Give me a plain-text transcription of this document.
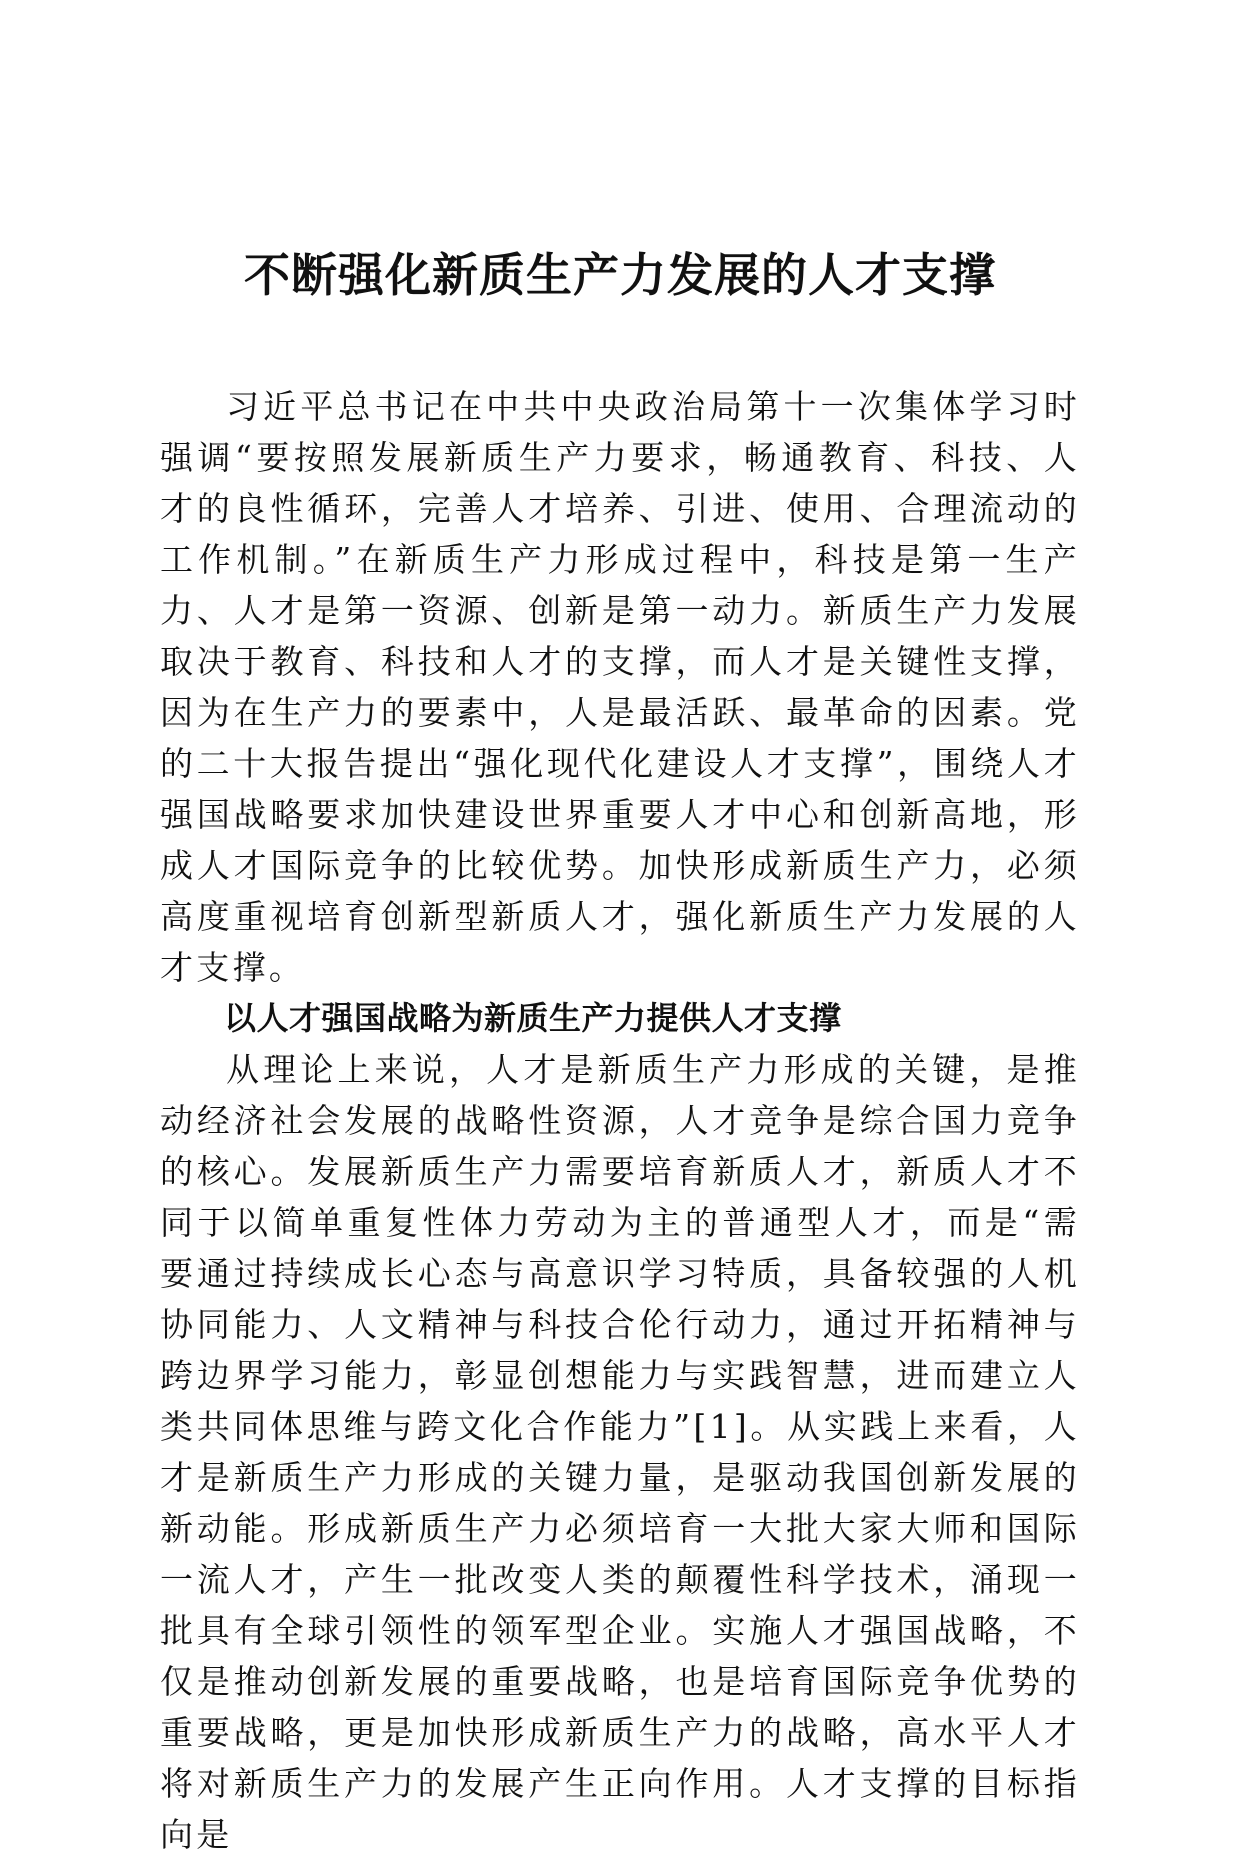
不断强化新质生产力发展的人才支撑

习近平总书记在中共中央政治局第十一次集体学习时强调“要按照发展新质生产力要求，畅通教育、科技、人才的良性循环，完善人才培养、引进、使用、合理流动的工作机制。”在新质生产力形成过程中，科技是第一生产力、人才是第一资源、创新是第一动力。新质生产力发展取决于教育、科技和人才的支撑，而人才是关键性支撑，因为在生产力的要素中，人是最活跃、最革命的因素。党的二十大报告提出“强化现代化建设人才支撑”，围绕人才强国战略要求加快建设世界重要人才中心和创新高地，形成人才国际竞争的比较优势。加快形成新质生产力，必须高度重视培育创新型新质人才，强化新质生产力发展的人才支撑。

以人才强国战略为新质生产力提供人才支撑

从理论上来说，人才是新质生产力形成的关键，是推动经济社会发展的战略性资源，人才竞争是综合国力竞争的核心。发展新质生产力需要培育新质人才，新质人才不同于以简单重复性体力劳动为主的普通型人才，而是“需要通过持续成长心态与高意识学习特质，具备较强的人机协同能力、人文精神与科技合伦行动力，通过开拓精神与跨边界学习能力，彰显创想能力与实践智慧，进而建立人类共同体思维与跨文化合作能力”[1]。从实践上来看，人才是新质生产力形成的关键力量，是驱动我国创新发展的新动能。形成新质生产力必须培育一大批大家大师和国际一流人才，产生一批改变人类的颠覆性科学技术，涌现一批具有全球引领性的领军型企业。实施人才强国战略，不仅是推动创新发展的重要战略，也是培育国际竞争优势的重要战略，更是加快形成新质生产力的战略，高水平人才将对新质生产力的发展产生正向作用。人才支撑的目标指向是
